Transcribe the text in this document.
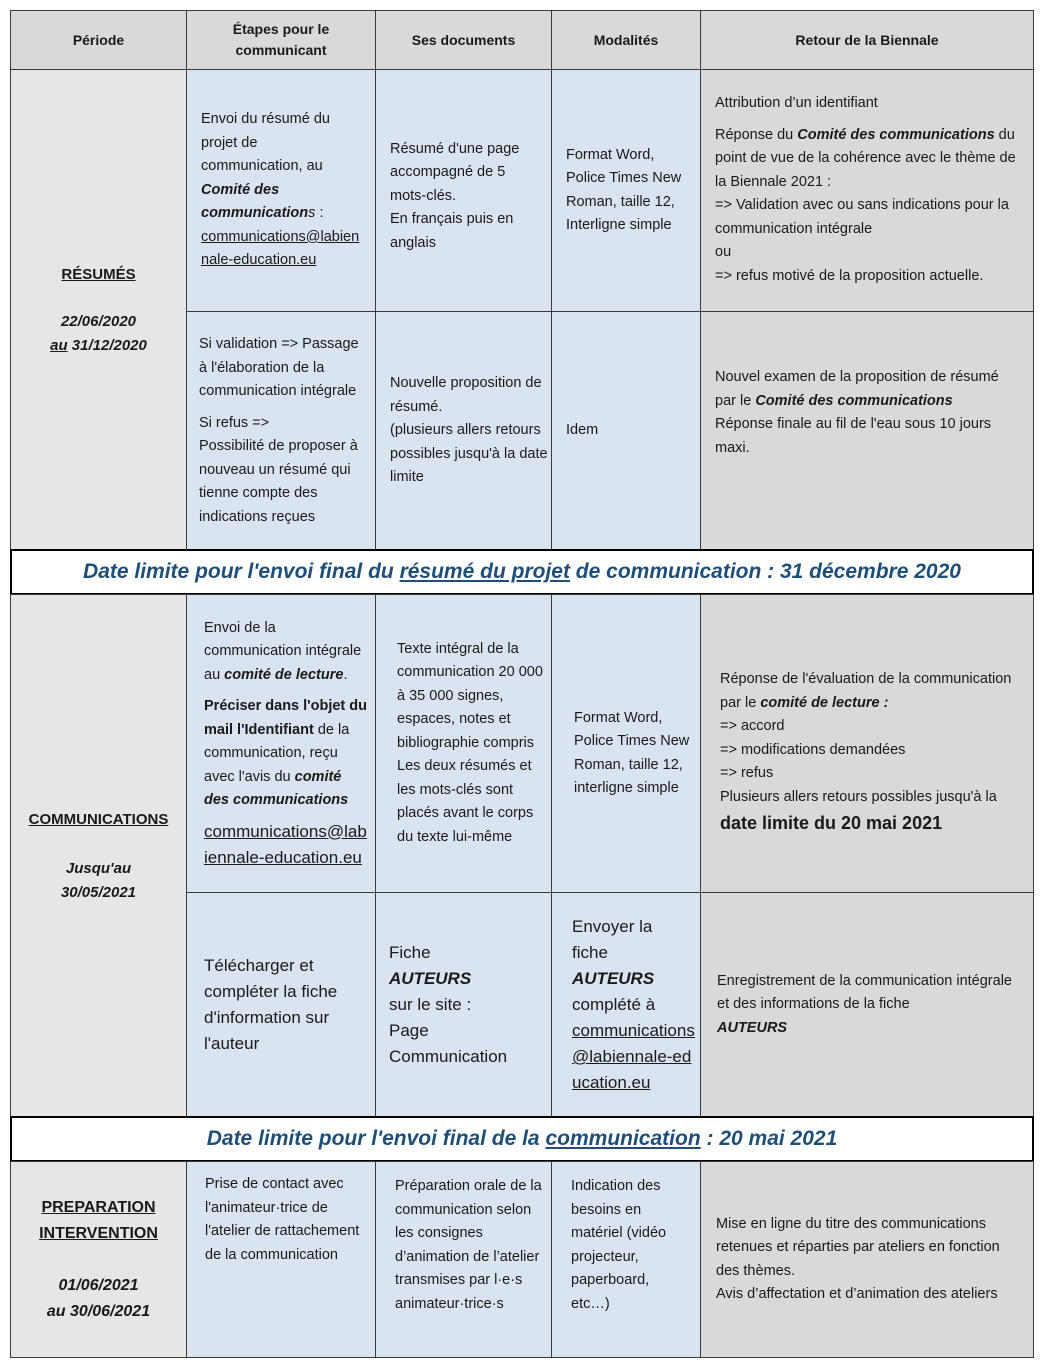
Période
Étapes pour le communicant
Ses documents	Modalités	Retour de la Biennale

RÉSUMÉS

22/06/2020

au 31/12/2020

Envoi du résumé du projet de communication, au Comité des communications :

communications@labiennale-education.eu

Résumé d'une page accompagné de 5 mots-clés.

En français puis en anglais

Format Word, Police Times New Roman, taille 12, Interligne simple

Attribution d’un identifiant

Réponse du Comité des communications du point de vue de la cohérence avec le thème de la Biennale 2021 :

=> Validation avec ou sans indications pour la communication intégrale

ou

=> refus motivé de la proposition actuelle.

Si validation => Passage à l'élaboration de la communication intégrale

Si refus =>

Possibilité de proposer à nouveau un résumé qui tienne compte des indications reçues

Nouvelle proposition de résumé.

(plusieurs allers retours possibles jusqu'à la date limite

Idem

Nouvel examen de la proposition de résumé par le Comité des communications

Réponse finale au fil de l'eau sous 10 jours maxi.

Date limite pour l'envoi final du résumé du projet de communication : 31 décembre 2020

COMMUNICATIONS

Jusqu'au

30/05/2021

Envoi de la communication intégrale au comité de lecture.

Préciser dans l'objet du mail l'Identifiant de la communication, reçu avec l'avis du comité des communications

communications@labiennale-education.eu

Texte intégral de la communication 20 000 à 35 000 signes, espaces, notes et bibliographie compris

Les deux résumés et les mots-clés sont placés avant le corps du texte lui-même

Format Word, Police Times New Roman, taille 12, interligne simple

Réponse de l'évaluation de la communication par le comité de lecture :

=> accord

=> modifications demandées

=> refus

Plusieurs allers retours possibles jusqu'à la

date limite du 20 mai 2021

Télécharger et compléter la fiche d'information sur l'auteur

Fiche AUTEURS

sur le site :

Page Communication

Envoyer la fiche

AUTEURS

complété à

communications@labiennale-education.eu

Enregistrement de la communication intégrale et des informations de la fiche

AUTEURS

Date limite pour l'envoi final de la communication : 20 mai 2021

PREPARATION

INTERVENTION

01/06/2021

au 30/06/2021

Prise de contact avec l'animateur·trice de l'atelier de rattachement de la communication

Préparation orale de la communication selon les consignes d’animation de l’atelier transmises par l·e·s animateur·trice·s

Indication des besoins en matériel (vidéo projecteur, paperboard, etc…)

Mise en ligne du titre des communications retenues et réparties par ateliers en fonction des thèmes.

Avis d’affectation et d’animation des ateliers
